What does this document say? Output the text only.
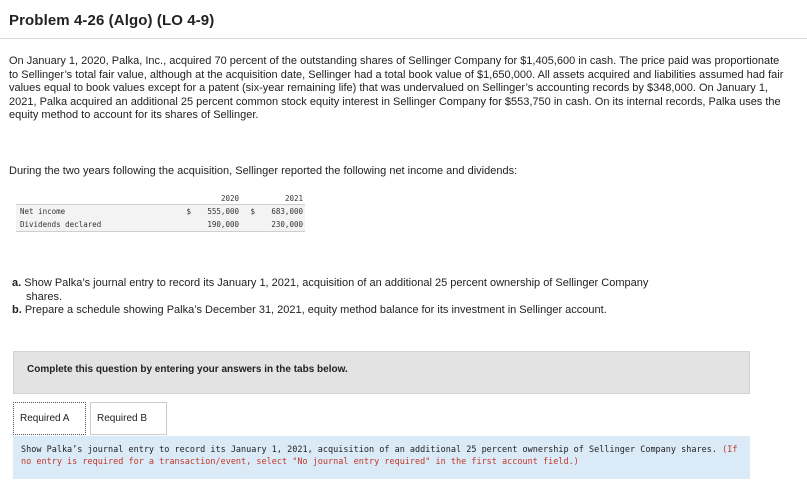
Problem 4-26 (Algo) (LO 4-9)

On January 1, 2020, Palka, Inc., acquired 70 percent of the outstanding shares of Sellinger Company for $1,405,600 in cash. The price paid was proportionate to Sellinger’s total fair value, although at the acquisition date, Sellinger had a total book value of $1,650,000. All assets acquired and liabilities assumed had fair values equal to book values except for a patent (six-year remaining life) that was undervalued on Sellinger’s accounting records by $348,000. On January 1, 2021, Palka acquired an additional 25 percent common stock equity interest in Sellinger Company for $553,750 in cash. On its internal records, Palka uses the equity method to account for its shares of Sellinger.

During the two years following the acquisition, Sellinger reported the following net income and dividends:

	2020		2021	
Net income	$	555,000	$	683,000
Dividends declared		190,000		230,000

a. Show Palka’s journal entry to record its January 1, 2021, acquisition of an additional 25 percent ownership of Sellinger Company

shares.

b. Prepare a schedule showing Palka’s December 31, 2021, equity method balance for its investment in Sellinger account.

Complete this question by entering your answers in the tabs below.
Required A	Required B

Show Palka’s journal entry to record its January 1, 2021, acquisition of an additional 25 percent ownership of Sellinger Company shares. (If no entry is required for a transaction/event, select "No journal entry required" in the first account field.)
